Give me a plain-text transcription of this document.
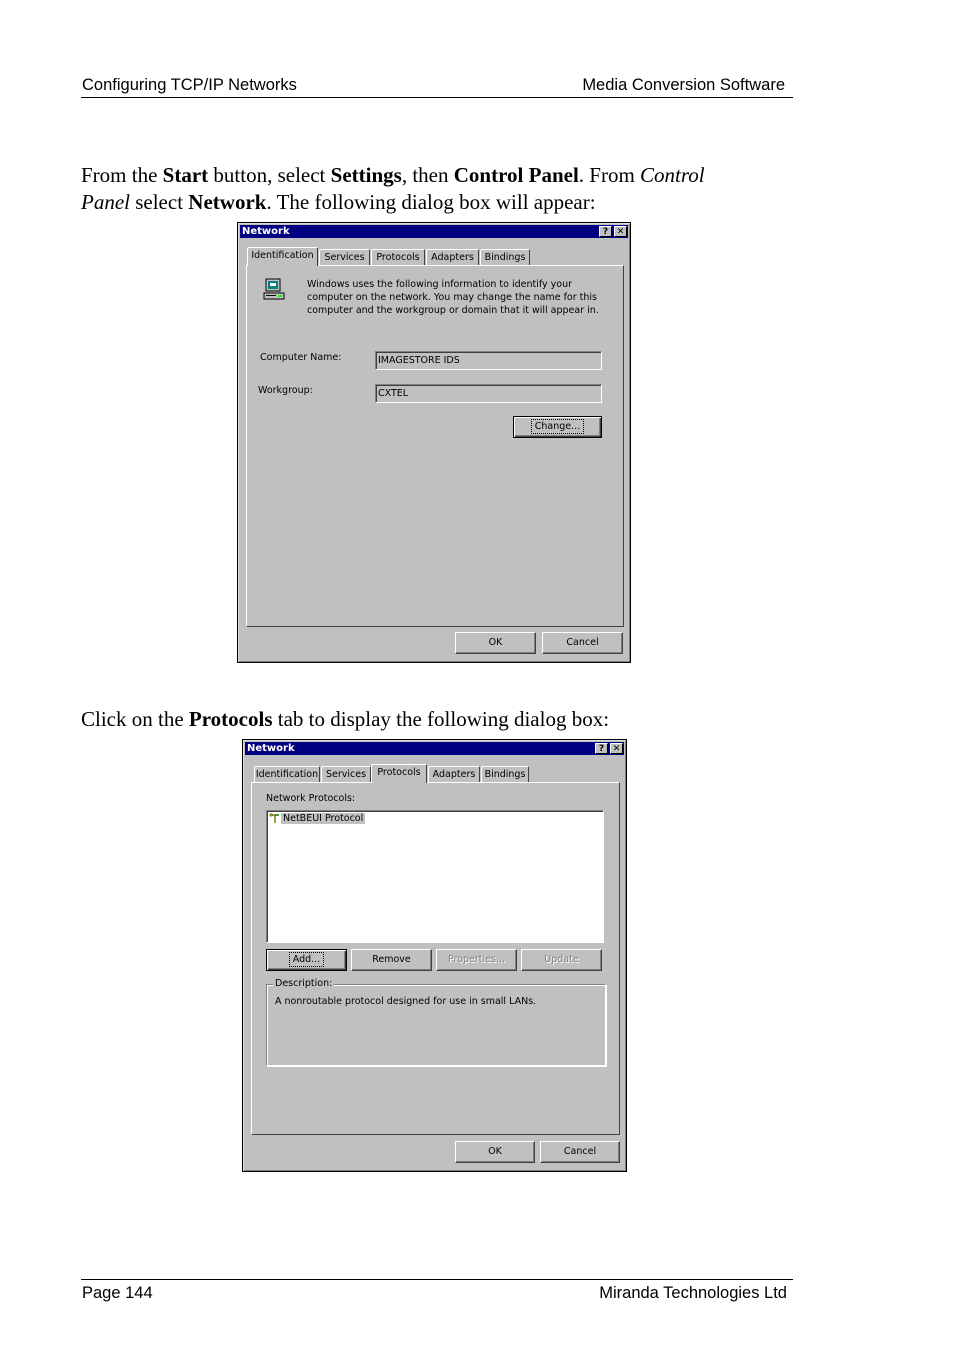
Configuring TCP/IP Networks	Media Conversion Software
From the Start button, select Settings, then Control Panel. From Control
Panel select Network. The following dialog box will appear:
Network	? ✕
Identification	Services	Protocols	Adapters	Bindings
Windows uses the following information to identify your
computer on the network. You may change the name for this
computer and the workgroup or domain that it will appear in.
Computer Name:	IMAGESTORE IDS
Workgroup:	CXTEL
Change...
OK	Cancel
Click on the Protocols tab to display the following dialog box:
Network	? ✕
Identification Services	Protocols	Adapters Bindings
Network Protocols:
NetBEUI Protocol
Add...	Remove	Properties...	Update
Description:
A nonroutable protocol designed for use in small LANs.
OK	Cancel
Page 144	Miranda Technologies Ltd
